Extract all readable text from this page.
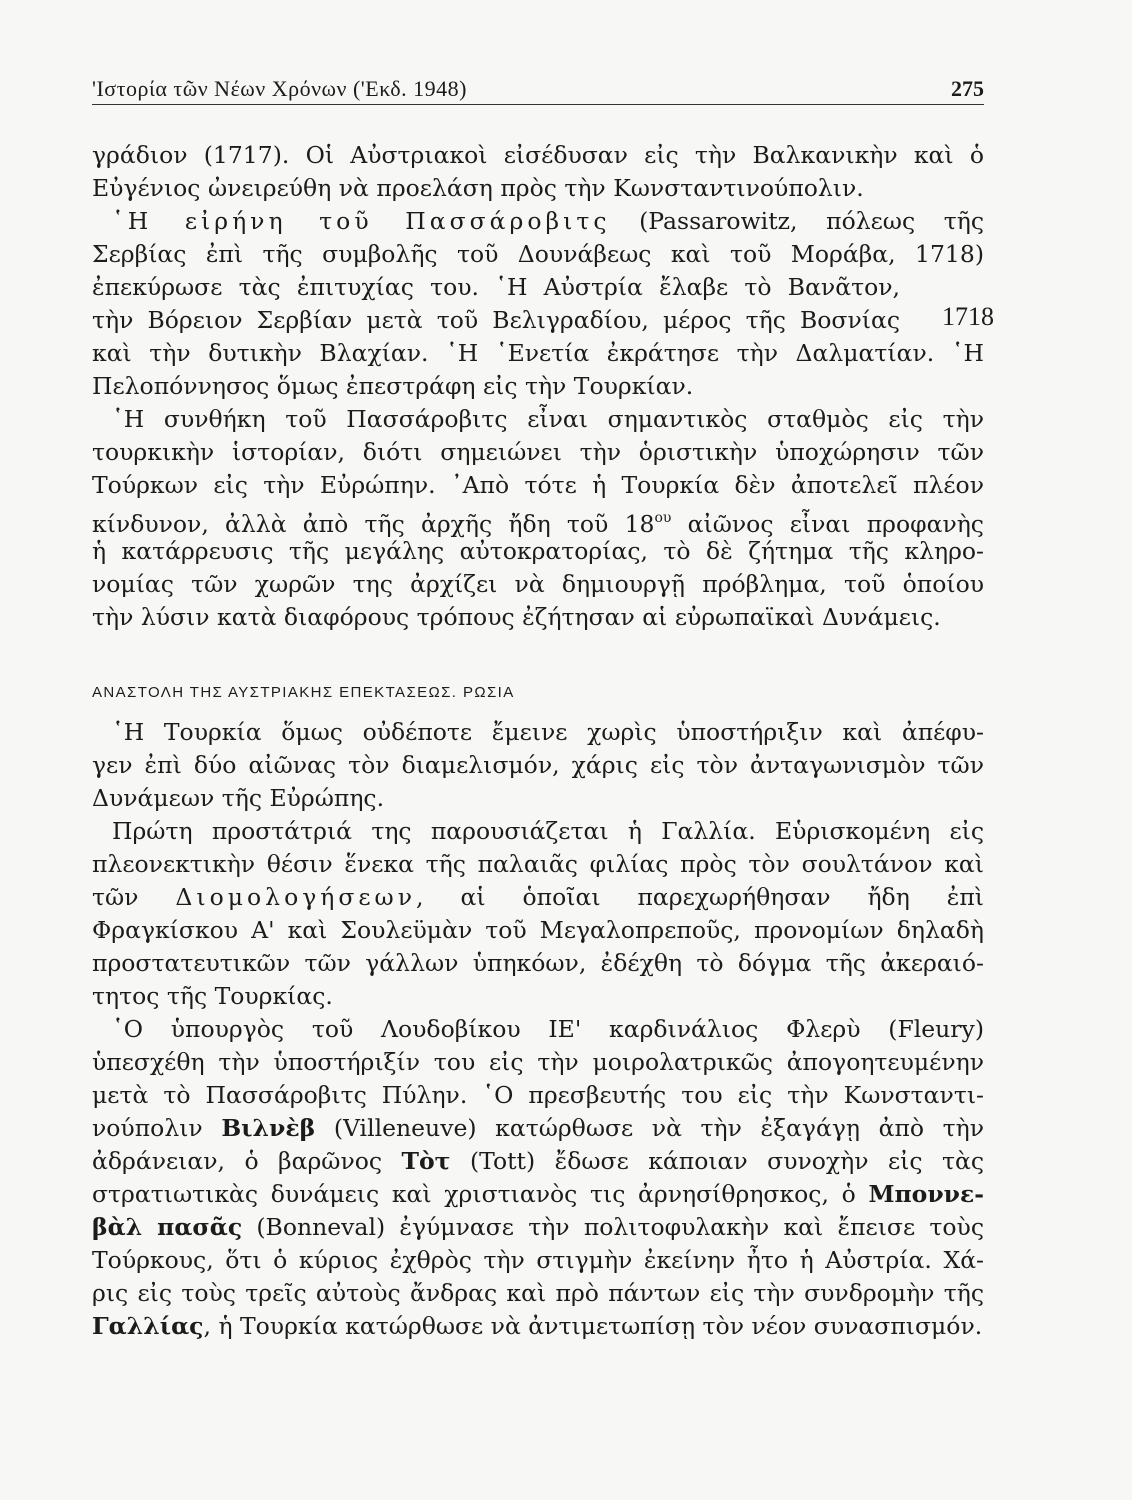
'Ιστορία τῶν Νέων Χρόνων ('Εκδ. 1948)	275
1718
γράδιον (1717). Οἱ Αὐστριακοὶ εἰσέδυσαν εἰς τὴν Βαλκανικὴν καὶ ὁ
Εὐγένιος ὠνειρεύθη νὰ προελάση πρὸς τὴν Κωνσταντινούπολιν.
῾Η εἰρήνη τοῦ Πασσάροβιτς (Passarowitz, πόλεως τῆς
Σερβίας ἐπὶ τῆς συμβολῆς τοῦ Δουνάβεως καὶ τοῦ Μοράβα, 1718)
ἐπεκύρωσε τὰς ἐπιτυχίας του. ῾Η Αὐστρία ἔλαβε τὸ Βανᾶτον,
τὴν Βόρειον Σερβίαν μετὰ τοῦ Βελιγραδίου, μέρος τῆς Βοσνίας
καὶ τὴν δυτικὴν Βλαχίαν. ῾Η ῾Ενετία ἐκράτησε τὴν Δαλματίαν. ῾Η
Πελοπόννησος ὅμως ἐπεστράφη εἰς τὴν Τουρκίαν.
῾Η συνθήκη τοῦ Πασσάροβιτς εἶναι σημαντικὸς σταθμὸς εἰς τὴν
τουρκικὴν ἱστορίαν, διότι σημειώνει τὴν ὁριστικὴν ὑποχώρησιν τῶν
Τούρκων εἰς τὴν Εὐρώπην. ᾿Απὸ τότε ἡ Τουρκία δὲν ἀποτελεῖ πλέον
κίνδυνον, ἀλλὰ ἀπὸ τῆς ἀρχῆς ἤδη τοῦ $18^{o\upsilon}$ αἰῶνος εἶναι προφανὴς
ἡ κατάρρευσις τῆς μεγάλης αὐτοκρατορίας, τὸ δὲ ζήτημα τῆς κληρο-
νομίας τῶν χωρῶν της ἀρχίζει νὰ δημιουργῇ πρόβλημα, τοῦ ὁποίου
τὴν λύσιν κατὰ διαφόρους τρόπους ἐζήτησαν αἱ εὐρωπαϊκαὶ Δυνάμεις.
ΑΝΑΣΤΟΛΗ ΤΗΣ ΑΥΣΤΡΙΑΚΗΣ ΕΠΕΚΤΑΣΕΩΣ. ΡΩΣΙΑ
῾Η Τουρκία ὅμως οὐδέποτε ἔμεινε χωρὶς ὑποστήριξιν καὶ ἀπέφυ-
γεν ἐπὶ δύο αἰῶνας τὸν διαμελισμόν, χάρις εἰς τὸν ἀνταγωνισμὸν τῶν
Δυνάμεων τῆς Εὐρώπης.
Πρώτη προστάτριά της παρουσιάζεται ἡ Γαλλία. Εὑρισκομένη εἰς
πλεονεκτικὴν θέσιν ἕνεκα τῆς παλαιᾶς φιλίας πρὸς τὸν σουλτάνον καὶ
τῶν Διομολογήσεων, αἱ ὁποῖαι παρεχωρήθησαν ἤδη ἐπὶ
Φραγκίσκου Α' καὶ Σουλεϋμὰν τοῦ Μεγαλοπρεποῦς, προνομίων δηλαδὴ
προστατευτικῶν τῶν γάλλων ὑπηκόων, ἐδέχθη τὸ δόγμα τῆς ἀκεραιό-
τητος τῆς Τουρκίας.
῾Ο ὑπουργὸς τοῦ Λουδοβίκου ΙΕ' καρδινάλιος Φλερὺ (Fleury)
ὑπεσχέθη τὴν ὑποστήριξίν του εἰς τὴν μοιρολατρικῶς ἀπογοητευμένην
μετὰ τὸ Πασσάροβιτς Πύλην. ῾Ο πρεσβευτής του εἰς τὴν Κωνσταντι-
νούπολιν Βιλνὲβ (Villeneuve) κατώρθωσε νὰ τὴν ἐξαγάγῃ ἀπὸ τὴν
ἀδράνειαν, ὁ βαρῶνος Τὸτ (Tott) ἔδωσε κάποιαν συνοχὴν εἰς τὰς
στρατιωτικὰς δυνάμεις καὶ χριστιανὸς τις ἀρνησίθρησκος, ὁ Μποννε-
βὰλ πασᾶς (Bonneval) ἐγύμνασε τὴν πολιτοφυλακὴν καὶ ἔπεισε τοὺς
Τούρκους, ὅτι ὁ κύριος ἐχθρὸς τὴν στιγμὴν ἐκείνην ἦτο ἡ Αὐστρία. Χά-
ρις εἰς τοὺς τρεῖς αὐτοὺς ἄνδρας καὶ πρὸ πάντων εἰς τὴν συνδρομὴν τῆς
Γαλλίας, ἡ Τουρκία κατώρθωσε νὰ ἀντιμετωπίσῃ τὸν νέον συνασπισμόν.
